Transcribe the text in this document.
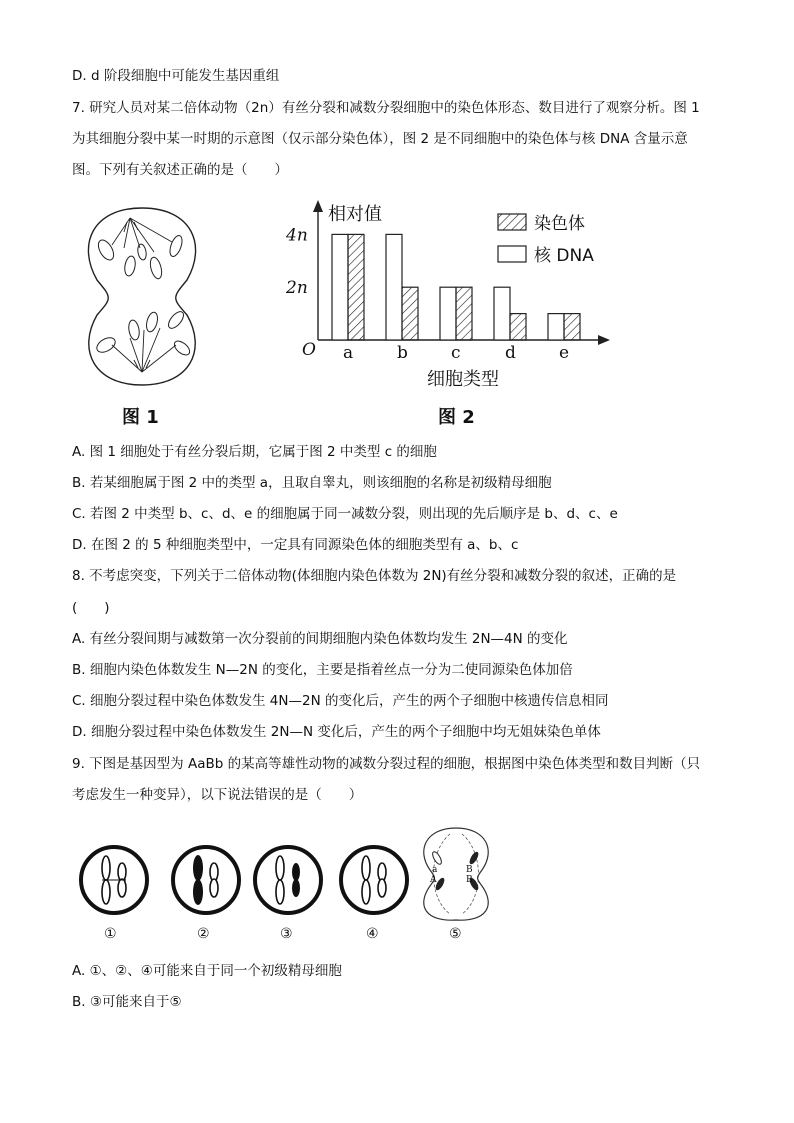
D. d 阶段细胞中可能发生基因重组
7. 研究人员对某二倍体动物（2n）有丝分裂和减数分裂细胞中的染色体形态、数目进行了观察分析。图 1
为其细胞分裂中某一时期的示意图（仅示部分染色体），图 2 是不同细胞中的染色体与核 DNA 含量示意
图。下列有关叙述正确的是（　　）
图 1
相对值
细胞类型
O
4n
2n
a	b	c	d	e
染色体
核 DNA
图 2
A. 图 1 细胞处于有丝分裂后期，它属于图 2 中类型 c 的细胞
B. 若某细胞属于图 2 中的类型 a，且取自睾丸，则该细胞的名称是初级精母细胞
C. 若图 2 中类型 b、c、d、e 的细胞属于同一减数分裂，则出现的先后顺序是 b、d、c、e
D. 在图 2 的 5 种细胞类型中，一定具有同源染色体的细胞类型有 a、b、c
8. 不考虑突变，下列关于二倍体动物(体细胞内染色体数为 2N)有丝分裂和减数分裂的叙述，正确的是
(　　)
A. 有丝分裂间期与减数第一次分裂前的间期细胞内染色体数均发生 2N—4N 的变化
B. 细胞内染色体数发生 N—2N 的变化，主要是指着丝点一分为二使同源染色体加倍
C. 细胞分裂过程中染色体数发生 4N—2N 的变化后，产生的两个子细胞中核遗传信息相同
D. 细胞分裂过程中染色体数发生 2N—N 变化后，产生的两个子细胞中均无姐妹染色单体
9. 下图是基因型为 AaBb 的某高等雄性动物的减数分裂过程的细胞，根据图中染色体类型和数目判断（只
考虑发生一种变异），以下说法错误的是（　　）
a
A
B
B
①	②	③	④	⑤
A. ①、②、④可能来自于同一个初级精母细胞
B. ③可能来自于⑤
